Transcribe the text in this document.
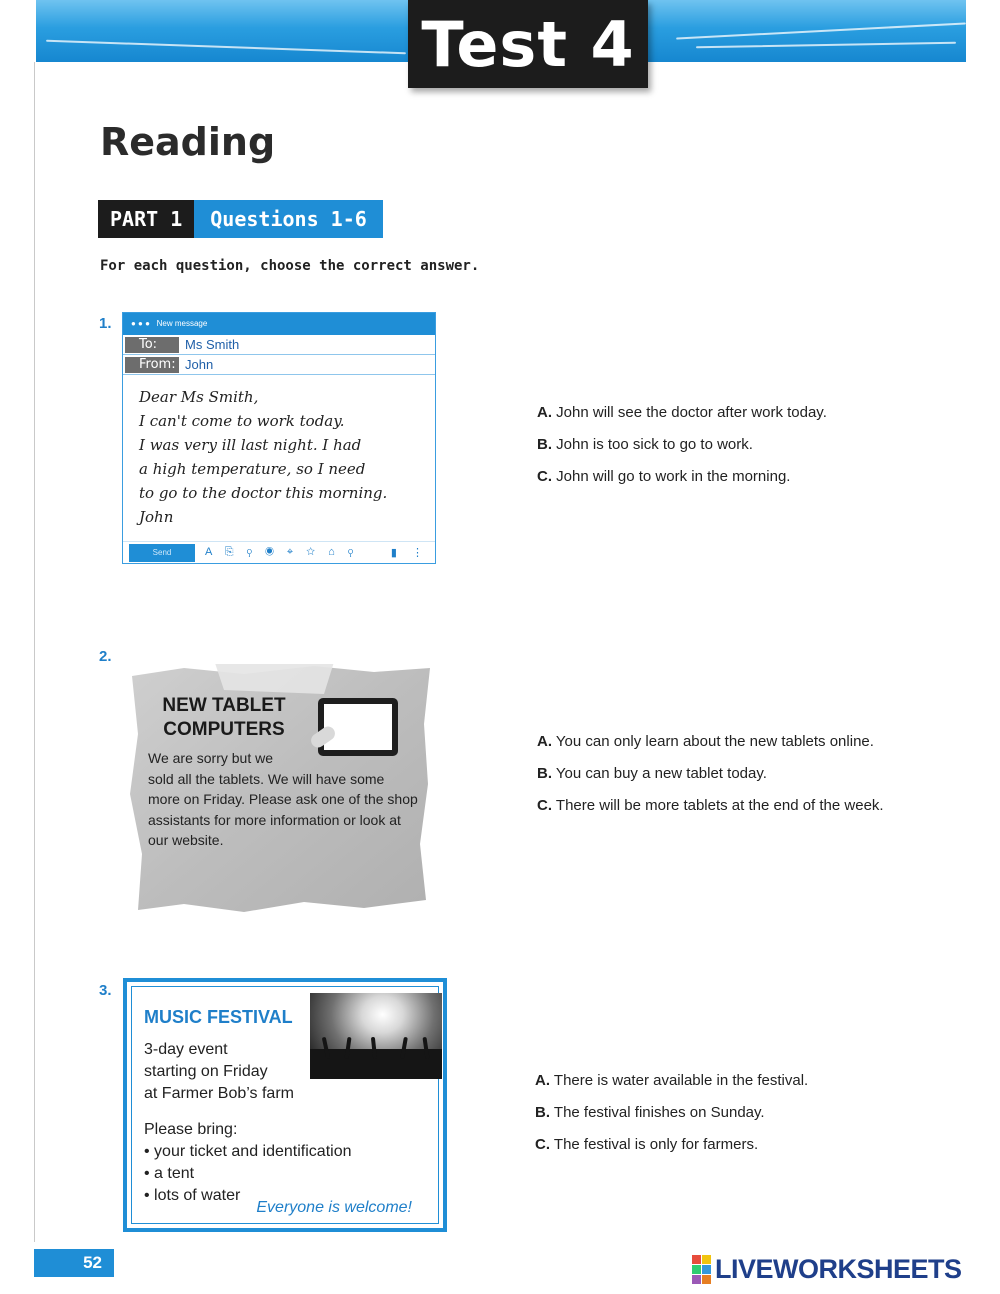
Test 4
Reading
PART 1	Questions 1-6
For each question, choose the correct answer.
1.	● ● ● New message
To:	Ms Smith
From: John
Dear Ms Smith,
I can't come to work today.
I was very ill last night. I had
a high temperature, so I need
to go to the doctor this morning.
John
Send	A ⎘ ⚲ ◉ ⌖ ☆ ⌂ ⚲	▮ ⋮
A. John will see the doctor after work today.
B. John is too sick to go to work.
C. John will go to work in the morning.
2.
NEW TABLET
COMPUTERS
We are sorry but we
sold all the tablets. We will have some more on Friday. Please ask one of the shop assistants for more information or look at our website.
A. You can only learn about the new tablets online.
B. You can buy a new tablet today.
C. There will be more tablets at the end of the week.
3.
MUSIC FESTIVAL
3-day event
starting on Friday
at Farmer Bob’s farm
Please bring:
• your ticket and identification
• a tent
• lots of water
Everyone is welcome!
A. There is water available in the festival.
B. The festival finishes on Sunday.
C. The festival is only for farmers.
52	LIVEWORKSHEETS
